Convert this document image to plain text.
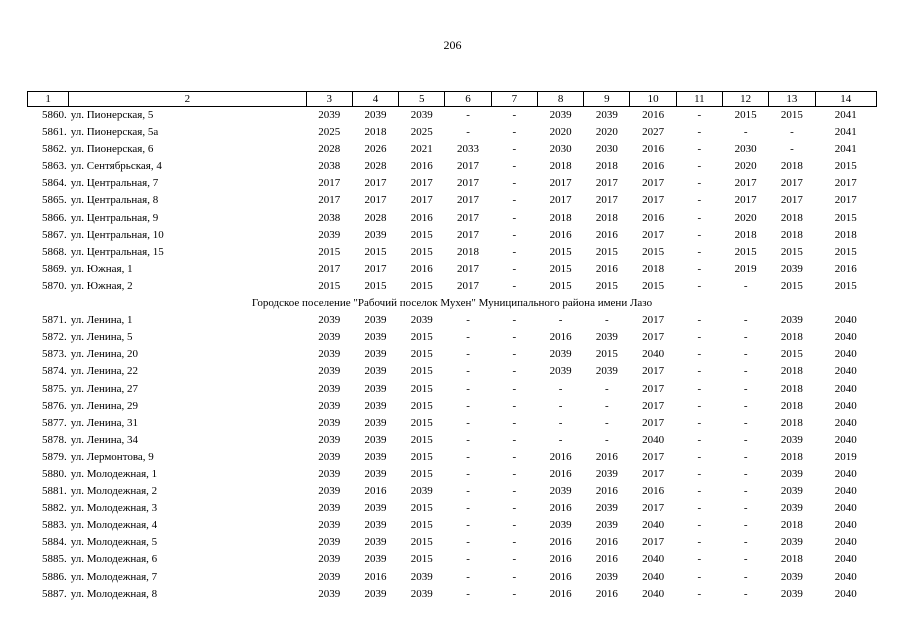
206
1	2	3	4	5	6	7	8	9	10	11	12	13	14
5860.	ул. Пионерская, 5	2039	2039	2039	-	-	2039	2039	2016	-	2015	2015	2041
5861.	ул. Пионерская, 5а	2025	2018	2025	-	-	2020	2020	2027	-	-	-	2041
5862.	ул. Пионерская, 6	2028	2026	2021	2033	-	2030	2030	2016	-	2030	-	2041
5863.	ул. Сентябрьская, 4	2038	2028	2016	2017	-	2018	2018	2016	-	2020	2018	2015
5864.	ул. Центральная, 7	2017	2017	2017	2017	-	2017	2017	2017	-	2017	2017	2017
5865.	ул. Центральная, 8	2017	2017	2017	2017	-	2017	2017	2017	-	2017	2017	2017
5866.	ул. Центральная, 9	2038	2028	2016	2017	-	2018	2018	2016	-	2020	2018	2015
5867.	ул. Центральная, 10	2039	2039	2015	2017	-	2016	2016	2017	-	2018	2018	2018
5868.	ул. Центральная, 15	2015	2015	2015	2018	-	2015	2015	2015	-	2015	2015	2015
5869.	ул. Южная, 1	2017	2017	2016	2017	-	2015	2016	2018	-	2019	2039	2016
5870.	ул. Южная, 2	2015	2015	2015	2017	-	2015	2015	2015	-	-	2015	2015
Городское поселение "Рабочий поселок Мухен" Муниципального района имени Лазо													
5871.	ул. Ленина, 1	2039	2039	2039	-	-	-	-	2017	-	-	2039	2040
5872.	ул. Ленина, 5	2039	2039	2015	-	-	2016	2039	2017	-	-	2018	2040
5873.	ул. Ленина, 20	2039	2039	2015	-	-	2039	2015	2040	-	-	2015	2040
5874.	ул. Ленина, 22	2039	2039	2015	-	-	2039	2039	2017	-	-	2018	2040
5875.	ул. Ленина, 27	2039	2039	2015	-	-	-	-	2017	-	-	2018	2040
5876.	ул. Ленина, 29	2039	2039	2015	-	-	-	-	2017	-	-	2018	2040
5877.	ул. Ленина, 31	2039	2039	2015	-	-	-	-	2017	-	-	2018	2040
5878.	ул. Ленина, 34	2039	2039	2015	-	-	-	-	2040	-	-	2039	2040
5879.	ул. Лермонтова, 9	2039	2039	2015	-	-	2016	2016	2017	-	-	2018	2019
5880.	ул. Молодежная, 1	2039	2039	2015	-	-	2016	2039	2017	-	-	2039	2040
5881.	ул. Молодежная, 2	2039	2016	2039	-	-	2039	2016	2016	-	-	2039	2040
5882.	ул. Молодежная, 3	2039	2039	2015	-	-	2016	2039	2017	-	-	2039	2040
5883.	ул. Молодежная, 4	2039	2039	2015	-	-	2039	2039	2040	-	-	2018	2040
5884.	ул. Молодежная, 5	2039	2039	2015	-	-	2016	2016	2017	-	-	2039	2040
5885.	ул. Молодежная, 6	2039	2039	2015	-	-	2016	2016	2040	-	-	2018	2040
5886.	ул. Молодежная, 7	2039	2016	2039	-	-	2016	2039	2040	-	-	2039	2040
5887.	ул. Молодежная, 8	2039	2039	2039	-	-	2016	2016	2040	-	-	2039	2040
